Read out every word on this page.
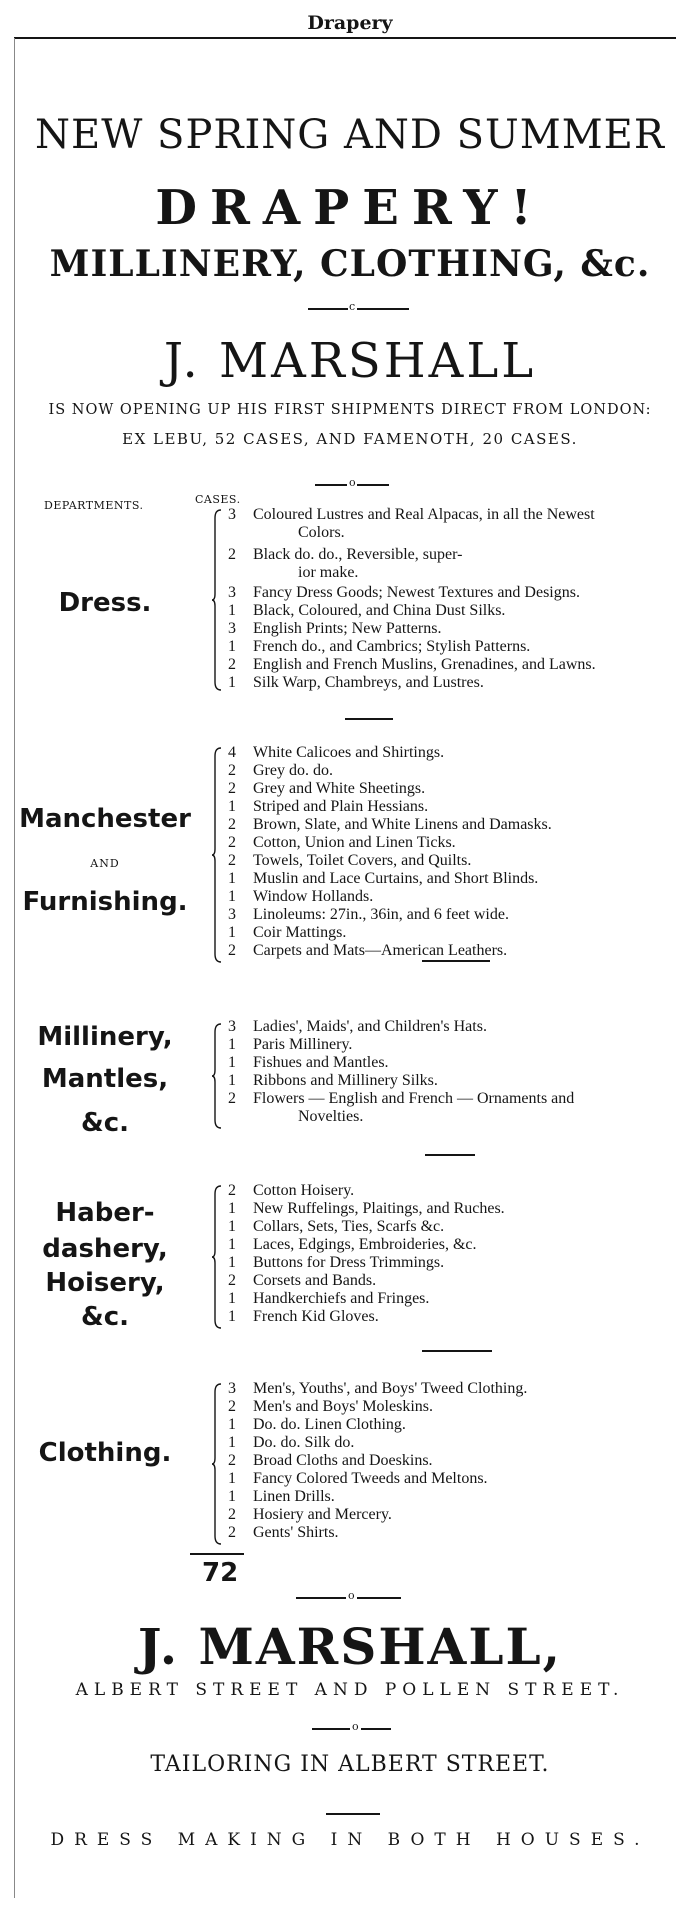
Drapery
NEW SPRING AND SUMMER
DRAPERY!
MILLINERY, CLOTHING, &c.
c
J. MARSHALL
IS NOW OPENING UP HIS FIRST SHIPMENTS DIRECT FROM LONDON:
EX LEBU, 52 CASES, AND FAMENOTH, 20 CASES.
o
DEPARTMENTS.	CASES.
Dress.
3	Coloured Lustres and Real Alpacas, in all the Newest
Colors.
2	Black do. do., Reversible, super-
ior make.
3	Fancy Dress Goods; Newest Textures and Designs.
1	Black, Coloured, and China Dust Silks.
3	English Prints; New Patterns.
1	French do., and Cambrics; Stylish Patterns.
2	English and French Muslins, Grenadines, and Lawns.
1	Silk Warp, Chambreys, and Lustres.
Manchester
AND
Furnishing.
4	White Calicoes and Shirtings.
2	Grey do. do.
2	Grey and White Sheetings.
1	Striped and Plain Hessians.
2	Brown, Slate, and White Linens and Damasks.
2	Cotton, Union and Linen Ticks.
2	Towels, Toilet Covers, and Quilts.
1	Muslin and Lace Curtains, and Short Blinds.
1	Window Hollands.
3	Linoleums: 27in., 36in, and 6 feet wide.
1	Coir Mattings.
2	Carpets and Mats—American Leathers.
Millinery,
Mantles,
&c.
3	Ladies', Maids', and Children's Hats.
1	Paris Millinery.
1	Fishues and Mantles.
1	Ribbons and Millinery Silks.
2	Flowers — English and French — Ornaments and
Novelties.
Haber-
dashery,
Hoisery,
&c.
2	Cotton Hoisery.
1	New Ruffelings, Plaitings, and Ruches.
1	Collars, Sets, Ties, Scarfs &c.
1	Laces, Edgings, Embroideries, &c.
1	Buttons for Dress Trimmings.
2	Corsets and Bands.
1	Handkerchiefs and Fringes.
1	French Kid Gloves.
Clothing.
3	Men's, Youths', and Boys' Tweed Clothing.
2	Men's and Boys' Moleskins.
1	Do. do. Linen Clothing.
1	Do. do. Silk do.
2	Broad Cloths and Doeskins.
1	Fancy Colored Tweeds and Meltons.
1	Linen Drills.
2	Hosiery and Mercery.
2	Gents' Shirts.
72
o
J. MARSHALL,
ALBERT STREET AND POLLEN STREET.
o
TAILORING IN ALBERT STREET.
DRESS MAKING IN BOTH HOUSES.
